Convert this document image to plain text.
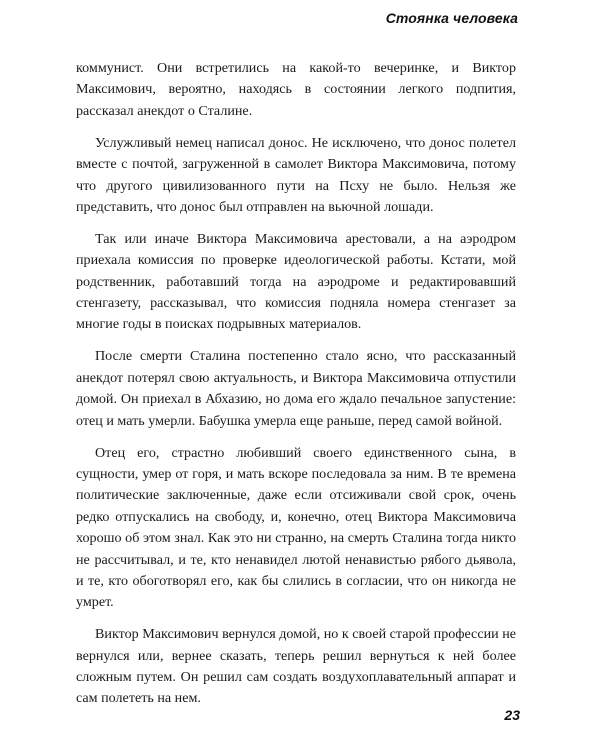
Стоянка человека

коммунист. Они встретились на какой-то вечеринке, и Виктор Максимович, вероятно, находясь в состоянии легкого подпития, рассказал анекдот о Сталине.

Услужливый немец написал донос. Не исключено, что донос полетел вместе с почтой, загруженной в самолет Виктора Максимовича, потому что другого цивилизованного пути на Псху не было. Нельзя же представить, что донос был отправлен на вьючной лошади.

Так или иначе Виктора Максимовича арестовали, а на аэродром приехала комиссия по проверке идеологической работы. Кстати, мой родственник, работавший тогда на аэродроме и редактировавший стенгазету, рассказывал, что комиссия подняла номера стенгазет за многие годы в поисках подрывных материалов.

После смерти Сталина постепенно стало ясно, что рассказанный анекдот потерял свою актуальность, и Виктора Максимовича отпустили домой. Он приехал в Абхазию, но дома его ждало печальное запустение: отец и мать умерли. Бабушка умерла еще раньше, перед самой войной.

Отец его, страстно любивший своего единственного сына, в сущности, умер от горя, и мать вскоре последовала за ним. В те времена политические заключенные, даже если отсиживали свой срок, очень редко отпускались на свободу, и, конечно, отец Виктора Максимовича хорошо об этом знал. Как это ни странно, на смерть Сталина тогда никто не рассчитывал, и те, кто ненавидел лютой ненавистью рябого дьявола, и те, кто обоготворял его, как бы слились в согласии, что он никогда не умрет.

Виктор Максимович вернулся домой, но к своей старой профессии не вернулся или, вернее сказать, теперь решил вернуться к ней более сложным путем. Он решил сам создать воздухоплавательный аппарат и сам полететь на нем.

23
